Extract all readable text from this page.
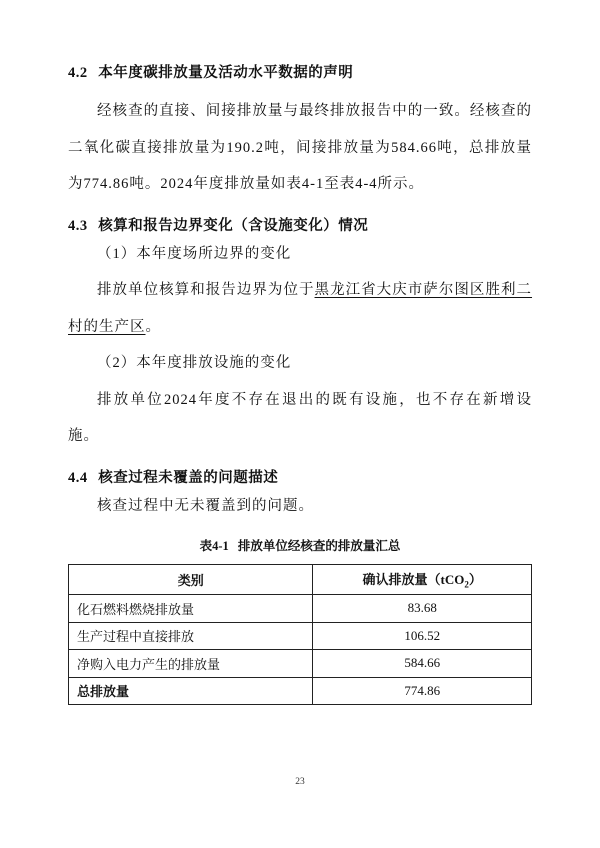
4.2 本年度碳排放量及活动水平数据的声明

经核查的直接、间接排放量与最终排放报告中的一致。经核查的二氧化碳直接排放量为190.2吨，间接排放量为584.66吨，总排放量为774.86吨。2024年度排放量如表4-1至表4-4所示。

4.3 核算和报告边界变化（含设施变化）情况

（1）本年度场所边界的变化

排放单位核算和报告边界为位于黑龙江省大庆市萨尔图区胜利二村的生产区。

（2）本年度排放设施的变化

排放单位2024年度不存在退出的既有设施，也不存在新增设施。

4.4 核查过程未覆盖的问题描述

核查过程中无未覆盖到的问题。

表4-1 排放单位经核查的排放量汇总
类别	确认排放量（tCO$_2$）
化石燃料燃烧排放量	83.68
生产过程中直接排放	106.52
净购入电力产生的排放量	584.66
总排放量	774.86
23
